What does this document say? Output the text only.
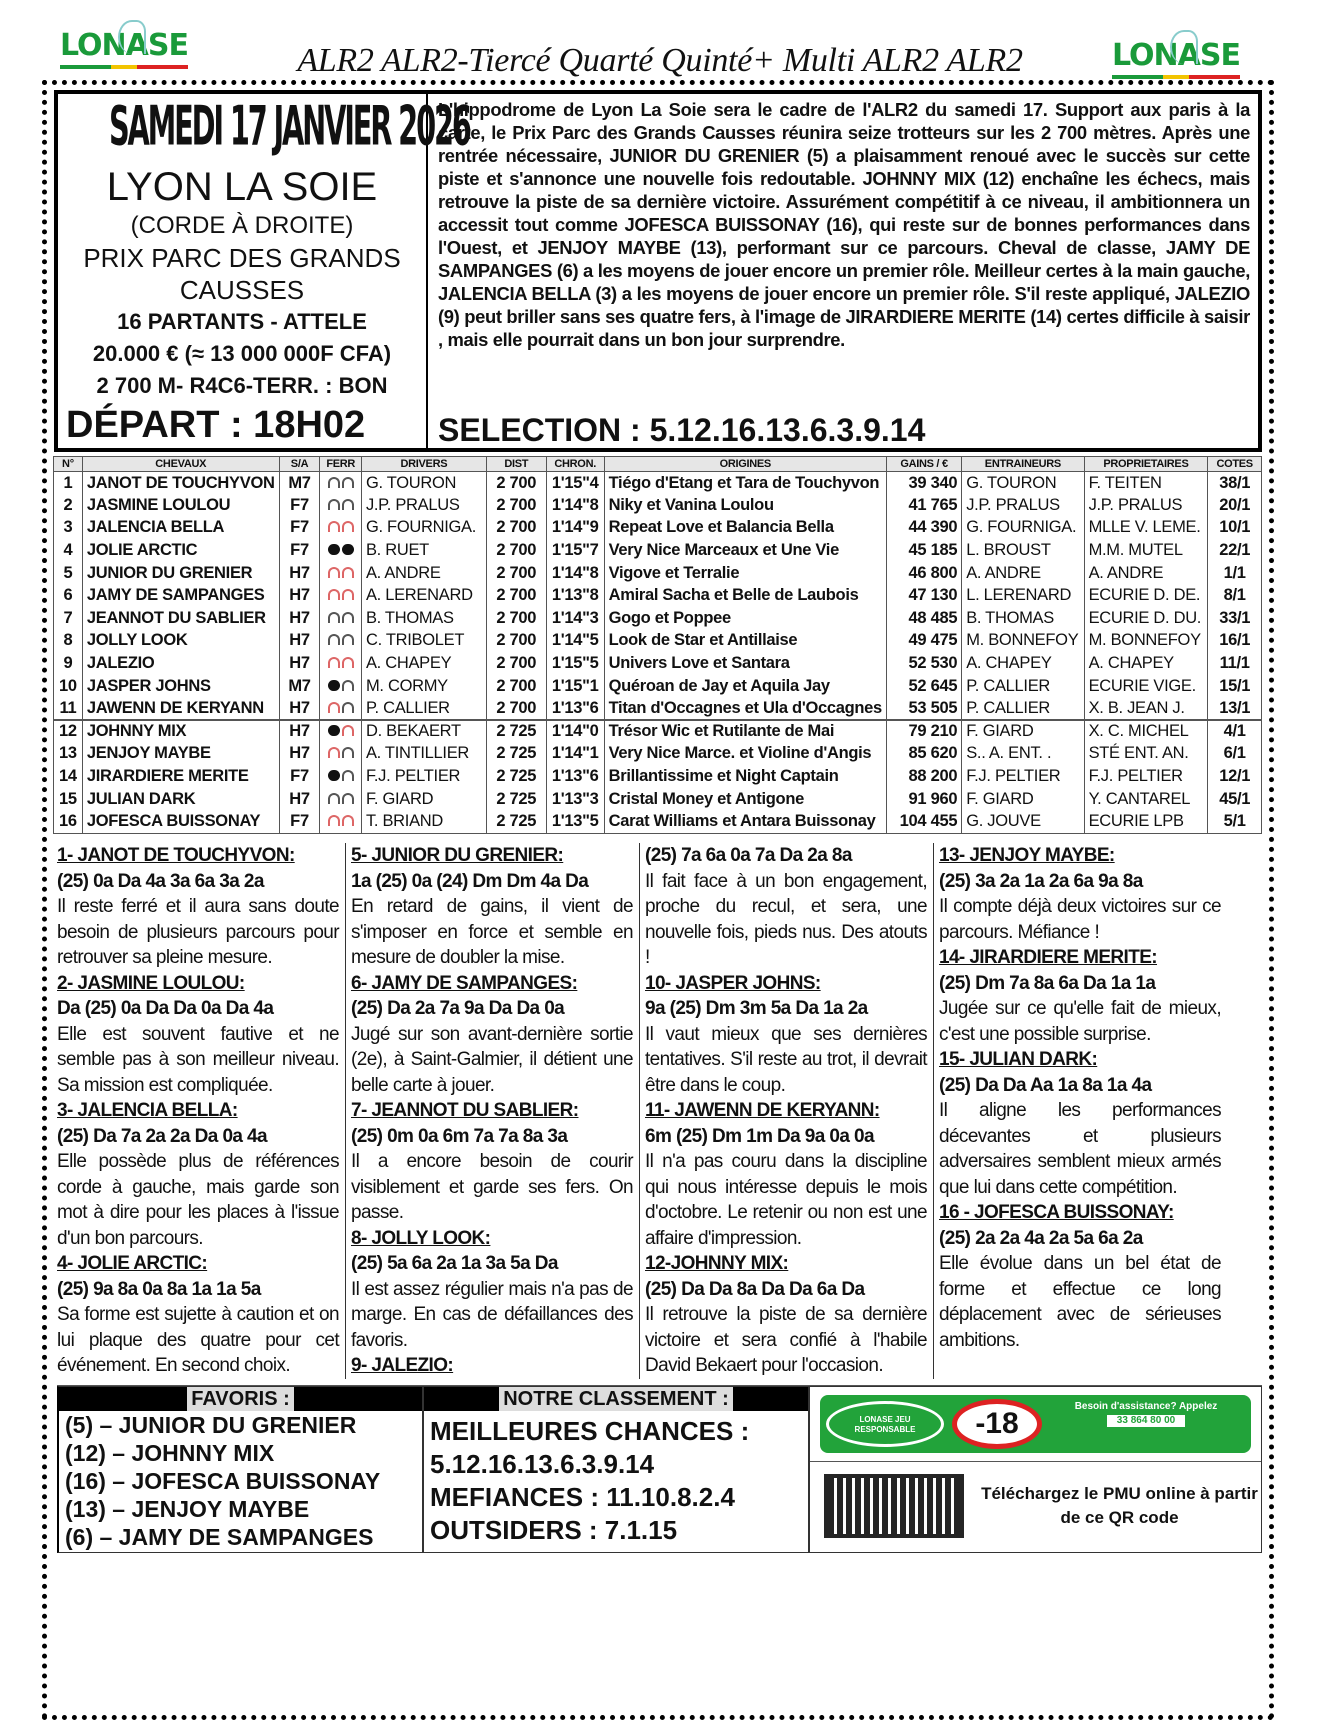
LONASE	ALR2 ALR2-Tiercé Quarté Quinté+ Multi ALR2 ALR2	LONASE
SAMEDI 17 JANVIER 2026
LYON LA SOIE
(CORDE À DROITE)
PRIX PARC DES GRANDS CAUSSES
16 PARTANTS - ATTELE
20.000 € (≈ 13 000 000F CFA)
2 700 M- R4C6-TERR. : BON
DÉPART : 18H02

L'hippodrome de Lyon La Soie sera le cadre de l'ALR2 du samedi 17. Support aux paris à la carte, le Prix Parc des Grands Causses réunira seize trotteurs sur les 2 700 mètres. Après une rentrée nécessaire, JUNIOR DU GRENIER (5) a plaisamment renoué avec le succès sur cette piste et s'annonce une nouvelle fois redoutable. JOHNNY MIX (12) enchaîne les échecs, mais retrouve la piste de sa dernière victoire. Assurément compétitif à ce niveau, il ambitionnera un accessit tout comme JOFESCA BUISSONAY (16), qui reste sur de bonnes performances dans l'Ouest, et JENJOY MAYBE (13), performant sur ce parcours. Cheval de classe, JAMY DE SAMPANGES (6) a les moyens de jouer encore un premier rôle. Meilleur certes à la main gauche, JALENCIA BELLA (3) a les moyens de jouer encore un premier rôle. S'il reste appliqué, JALEZIO (9) peut briller sans ses quatre fers, à l'image de JIRARDIERE MERITE (14) certes difficile à saisir , mais elle pourrait dans un bon jour surprendre.

SELECTION : 5.12.16.13.6.3.9.14
N°	CHEVAUX	S/A	FERR	DRIVERS	DIST	CHRON.	ORIGINES	GAINS / €	ENTRAINEURS	PROPRIETAIRES	COTES
1	JANOT DE TOUCHYVON	M7		G. TOURON	2 700	1'15"4	Tiégo d'Etang et Tara de Touchyvon	39 340	G. TOURON	F. TEITEN	38/1
2	JASMINE LOULOU	F7		J.P. PRALUS	2 700	1'14"8	Niky et Vanina Loulou	41 765	J.P. PRALUS	J.P. PRALUS	20/1
3	JALENCIA BELLA	F7		G. FOURNIGA.	2 700	1'14"9	Repeat Love et Balancia Bella	44 390	G. FOURNIGA.	MLLE V. LEME.	10/1
4	JOLIE ARCTIC	F7		B. RUET	2 700	1'15"7	Very Nice Marceaux et Une Vie	45 185	L. BROUST	M.M. MUTEL	22/1
5	JUNIOR DU GRENIER	H7		A. ANDRE	2 700	1'14"8	Vigove et Terralie	46 800	A. ANDRE	A. ANDRE	1/1
6	JAMY DE SAMPANGES	H7		A. LERENARD	2 700	1'13"8	Amiral Sacha et Belle de Laubois	47 130	L. LERENARD	ECURIE D. DE.	8/1
7	JEANNOT DU SABLIER	H7		B. THOMAS	2 700	1'14"3	Gogo et Poppee	48 485	B. THOMAS	ECURIE D. DU.	33/1
8	JOLLY LOOK	H7		C. TRIBOLET	2 700	1'14"5	Look de Star et Antillaise	49 475	M. BONNEFOY	M. BONNEFOY	16/1
9	JALEZIO	H7		A. CHAPEY	2 700	1'15"5	Univers Love et Santara	52 530	A. CHAPEY	A. CHAPEY	11/1
10	JASPER JOHNS	M7		M. CORMY	2 700	1'15"1	Quéroan de Jay et Aquila Jay	52 645	P. CALLIER	ECURIE VIGE.	15/1
11	JAWENN DE KERYANN	H7		P. CALLIER	2 700	1'13"6	Titan d'Occagnes et Ula d'Occagnes	53 505	P. CALLIER	X. B. JEAN J.	13/1
12	JOHNNY MIX	H7		D. BEKAERT	2 725	1'14"0	Trésor Wic et Rutilante de Mai	79 210	F. GIARD	X. C. MICHEL	4/1
13	JENJOY MAYBE	H7		A. TINTILLIER	2 725	1'14"1	Very Nice Marce. et Violine d'Angis	85 620	S.. A. ENT. .	STÉ ENT. AN.	6/1
14	JIRARDIERE MERITE	F7		F.J. PELTIER	2 725	1'13"6	Brillantissime et Night Captain	88 200	F.J. PELTIER	F.J. PELTIER	12/1
15	JULIAN DARK	H7		F. GIARD	2 725	1'13"3	Cristal Money et Antigone	91 960	F. GIARD	Y. CANTAREL	45/1
16	JOFESCA BUISSONAY	F7		T. BRIAND	2 725	1'13"5	Carat Williams et Antara Buissonay	104 455	G. JOUVE	ECURIE LPB	5/1
1- JANOT DE TOUCHYVON:
(25) 0a Da 4a 3a 6a 3a 2a
Il reste ferré et il aura sans doute besoin de plusieurs parcours pour retrouver sa pleine mesure.
2- JASMINE LOULOU:
Da (25) 0a Da Da 0a Da 4a
Elle est souvent fautive et ne semble pas à son meilleur niveau. Sa mission est compliquée.
3- JALENCIA BELLA:
(25) Da 7a 2a 2a Da 0a 4a
Elle possède plus de références corde à gauche, mais garde son mot à dire pour les places à l'issue d'un bon parcours.
4- JOLIE ARCTIC:
(25) 9a 8a 0a 8a 1a 1a 5a
Sa forme est sujette à caution et on lui plaque des quatre pour cet événement. En second choix.
5- JUNIOR DU GRENIER:
1a (25) 0a (24) Dm Dm 4a Da
En retard de gains, il vient de s'imposer en force et semble en mesure de doubler la mise.
6- JAMY DE SAMPANGES:
(25) Da 2a 7a 9a Da Da 0a
Jugé sur son avant-dernière sortie (2e), à Saint-Galmier, il détient une belle carte à jouer.
7- JEANNOT DU SABLIER:
(25) 0m 0a 6m 7a 7a 8a 3a
Il a encore besoin de courir visiblement et garde ses fers. On passe.
8- JOLLY LOOK:
(25) 5a 6a 2a 1a 3a 5a Da
Il est assez régulier mais n'a pas de marge. En cas de défaillances des favoris.
9- JALEZIO:
(25) 7a 6a 0a 7a Da 2a 8a
Il fait face à un bon engagement, proche du recul, et sera, une nouvelle fois, pieds nus. Des atouts !
10- JASPER JOHNS:
9a (25) Dm 3m 5a Da 1a 2a
Il vaut mieux que ses dernières tentatives. S'il reste au trot, il devrait être dans le coup.
11- JAWENN DE KERYANN:
6m (25) Dm 1m Da 9a 0a 0a
Il n'a pas couru dans la discipline qui nous intéresse depuis le mois d'octobre. Le retenir ou non est une affaire d'impression.
12-JOHNNY MIX:
(25) Da Da 8a Da Da 6a Da
Il retrouve la piste de sa dernière victoire et sera confié à l'habile David Bekaert pour l'occasion.
13- JENJOY MAYBE:
(25) 3a 2a 1a 2a 6a 9a 8a
Il compte déjà deux victoires sur ce parcours. Méfiance !
14- JIRARDIERE MERITE:
(25) Dm 7a 8a 6a Da 1a 1a
Jugée sur ce qu'elle fait de mieux, c'est une possible surprise.
15- JULIAN DARK:
(25) Da Da Aa 1a 8a 1a 4a
Il aligne les performances décevantes et plusieurs adversaires semblent mieux armés que lui dans cette compétition.
16 - JOFESCA BUISSONAY:
(25) 2a 2a 4a 2a 5a 6a 2a
Elle évolue dans un bel état de forme et effectue ce long déplacement avec de sérieuses ambitions.
FAVORIS :
(5) – JUNIOR DU GRENIER
(12) – JOHNNY MIX
(16) – JOFESCA BUISSONAY
(13) – JENJOY MAYBE
(6) – JAMY DE SAMPANGES
NOTRE CLASSEMENT :
MEILLEURES CHANCES :
5.12.16.13.6.3.9.14
MEFIANCES : 11.10.8.2.4
OUTSIDERS : 7.1.15
LONASE JEU RESPONSABLE	-18
Besoin d'assistance? Appelez
33 864 80 00
Téléchargez le PMU online à partir de ce QR code
